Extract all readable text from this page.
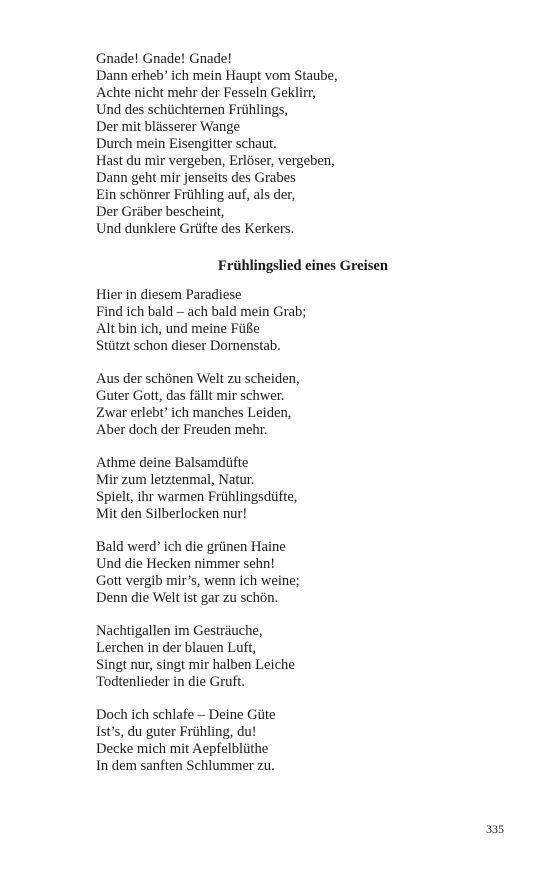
Gnade! Gnade! Gnade!
Dann erheb’ ich mein Haupt vom Staube,
Achte nicht mehr der Fesseln Geklirr,
Und des schüchternen Frühlings,
Der mit blässerer Wange
Durch mein Eisengitter schaut.
Hast du mir vergeben, Erlöser, vergeben,
Dann geht mir jenseits des Grabes
Ein schönrer Frühling auf, als der,
Der Gräber bescheint,
Und dunklere Grüfte des Kerkers.
Frühlingslied eines Greisen
Hier in diesem Paradiese
Find ich bald – ach bald mein Grab;
Alt bin ich, und meine Füße
Stützt schon dieser Dornenstab.
Aus der schönen Welt zu scheiden,
Guter Gott, das fällt mir schwer.
Zwar erlebt’ ich manches Leiden,
Aber doch der Freuden mehr.
Athme deine Balsamdüfte
Mir zum letztenmal, Natur.
Spielt, ihr warmen Frühlingsdüfte,
Mit den Silberlocken nur!
Bald werd’ ich die grünen Haine
Und die Hecken nimmer sehn!
Gott vergib mir’s, wenn ich weine;
Denn die Welt ist gar zu schön.
Nachtigallen im Gesträuche,
Lerchen in der blauen Luft,
Singt nur, singt mir halben Leiche
Todtenlieder in die Gruft.
Doch ich schlafe – Deine Güte
Ist’s, du guter Frühling, du!
Decke mich mit Aepfelblüthe
In dem sanften Schlummer zu.
335
